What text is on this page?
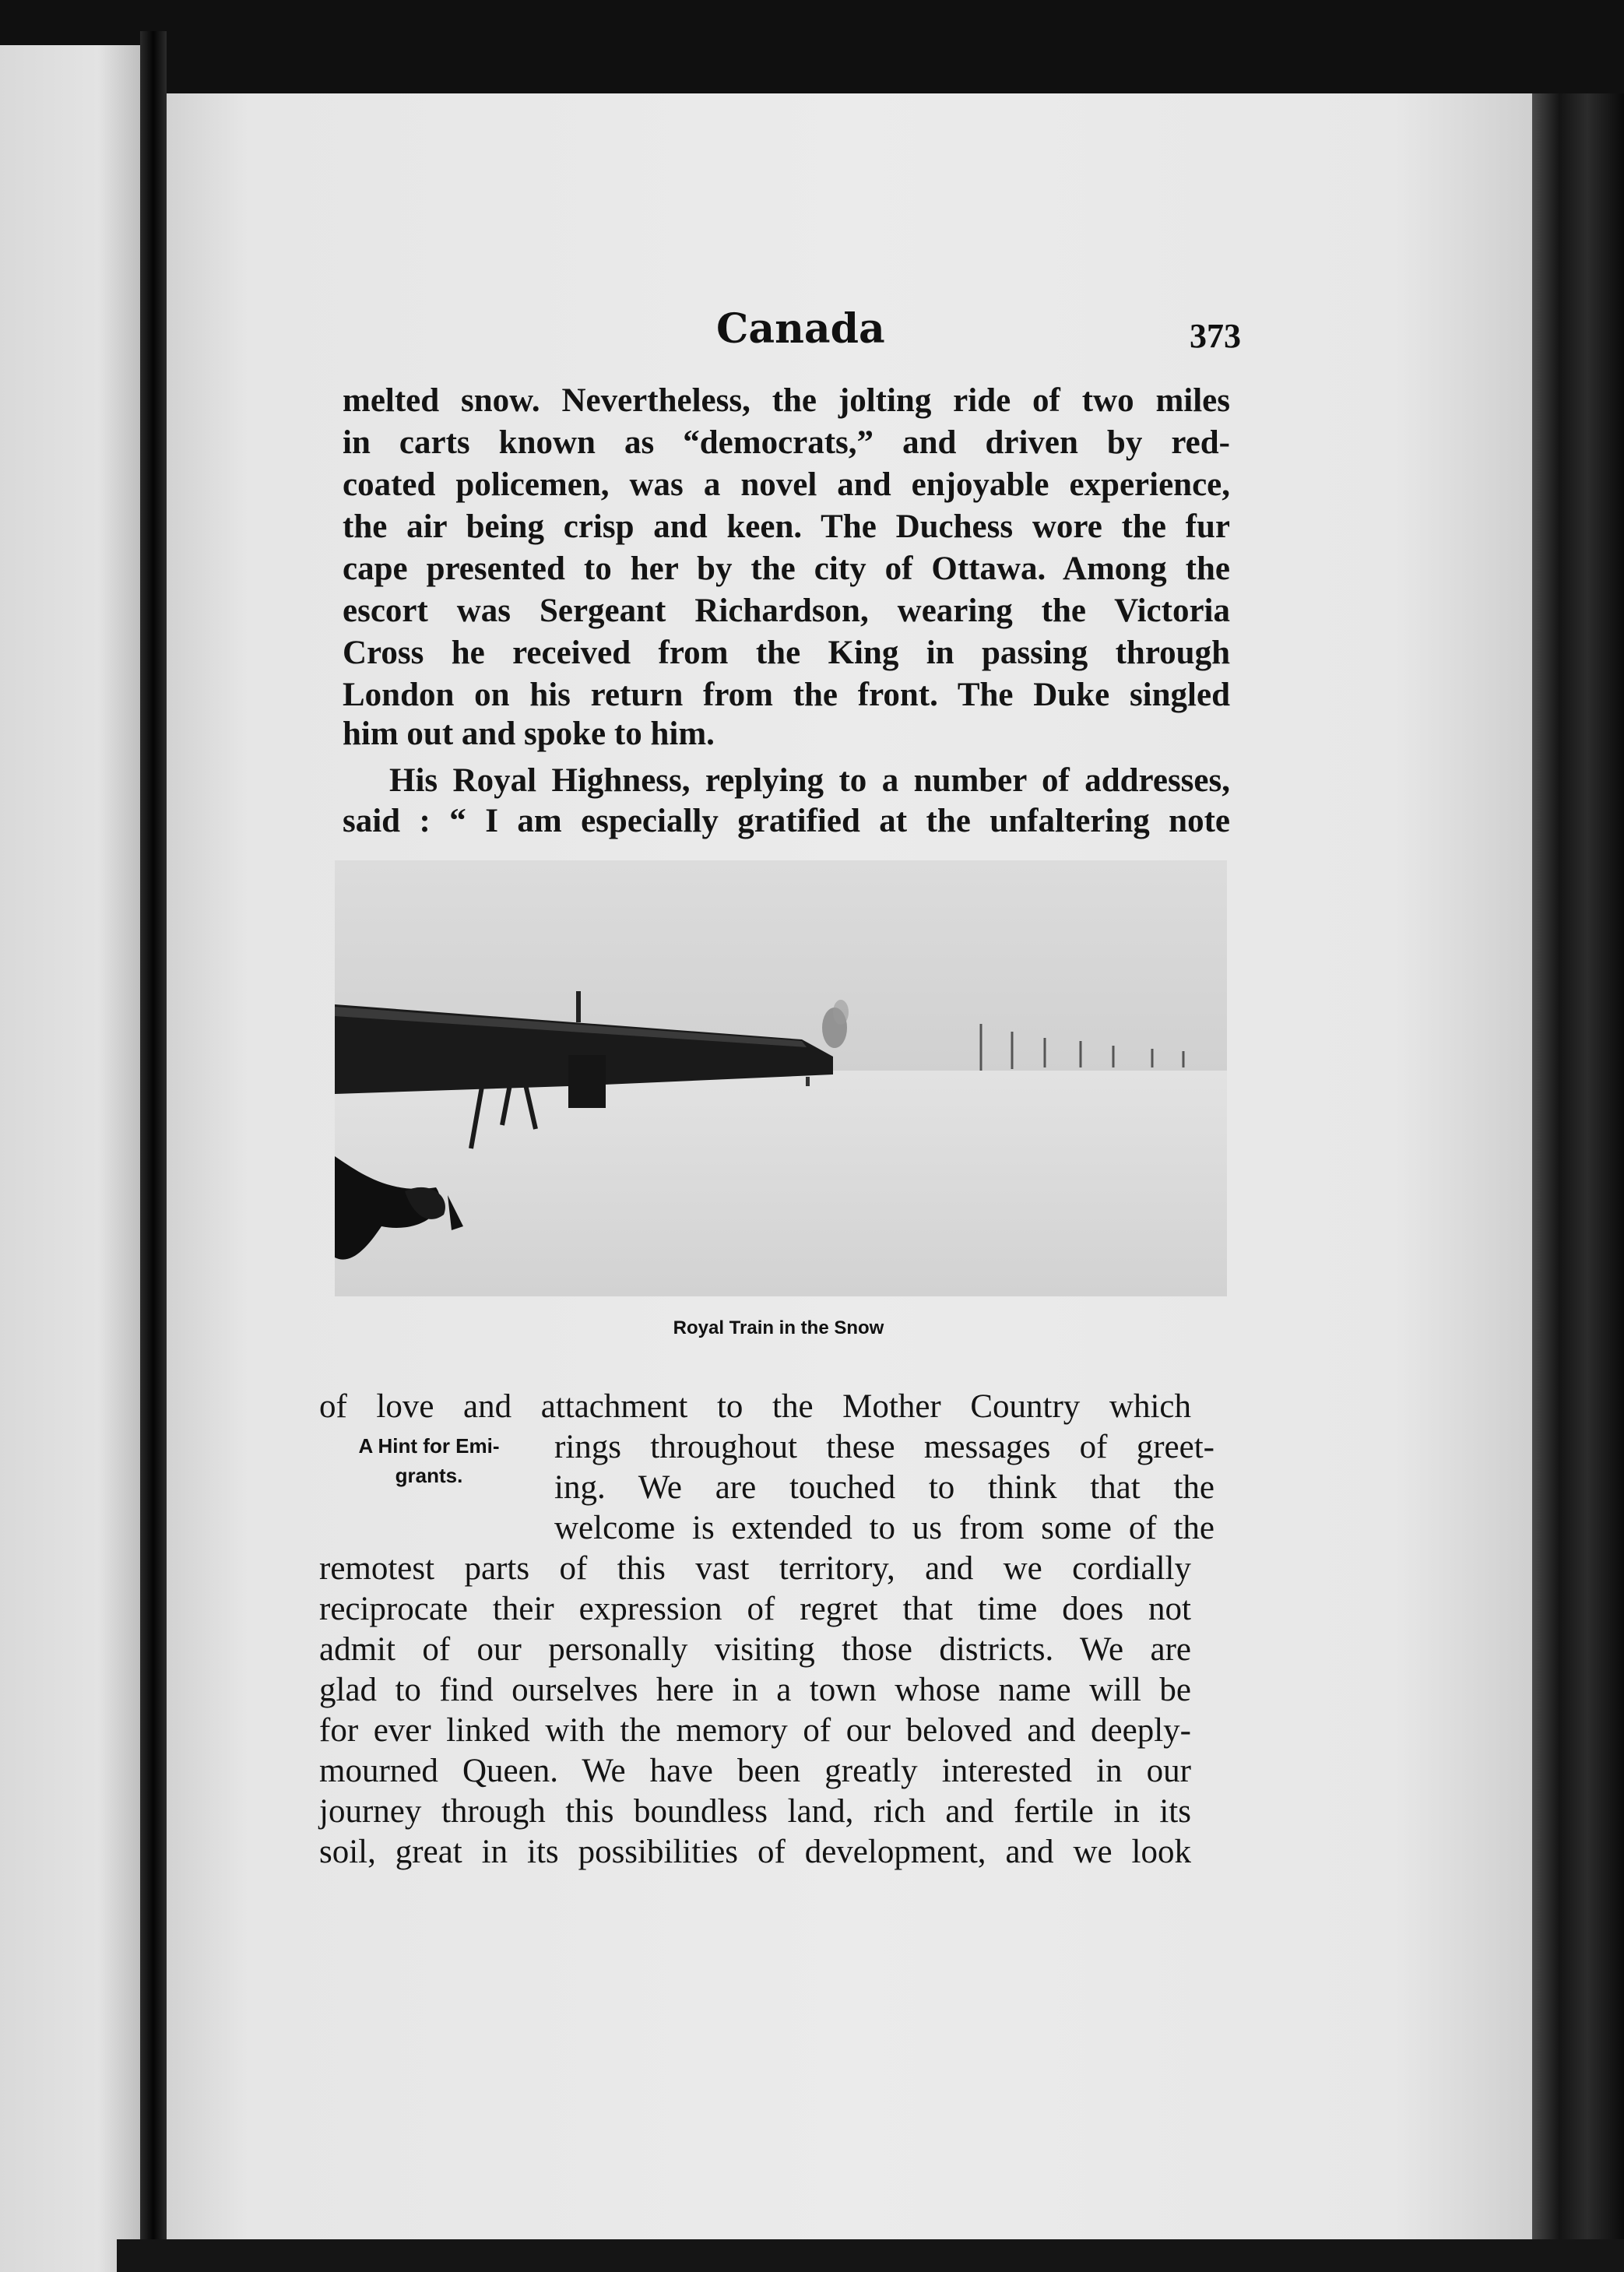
Canada	373
melted snow. Nevertheless, the jolting ride of two miles
in carts known as “democrats,” and driven by red-
coated policemen, was a novel and enjoyable experience,
the air being crisp and keen. The Duchess wore the fur
cape presented to her by the city of Ottawa. Among the
escort was Sergeant Richardson, wearing the Victoria
Cross he received from the King in passing through
London on his return from the front. The Duke singled
him out and spoke to him.
His Royal Highness, replying to a number of addresses,
said : “ I am especially gratified at the unfaltering note
Royal Train in the Snow
A Hint for Emi-
grants.
of love and attachment to the Mother Country which
rings throughout these messages of greet-
ing. We are touched to think that the
welcome is extended to us from some of the
remotest parts of this vast territory, and we cordially
reciprocate their expression of regret that time does not
admit of our personally visiting those districts. We are
glad to find ourselves here in a town whose name will be
for ever linked with the memory of our beloved and deeply-
mourned Queen. We have been greatly interested in our
journey through this boundless land, rich and fertile in its
soil, great in its possibilities of development, and we look
